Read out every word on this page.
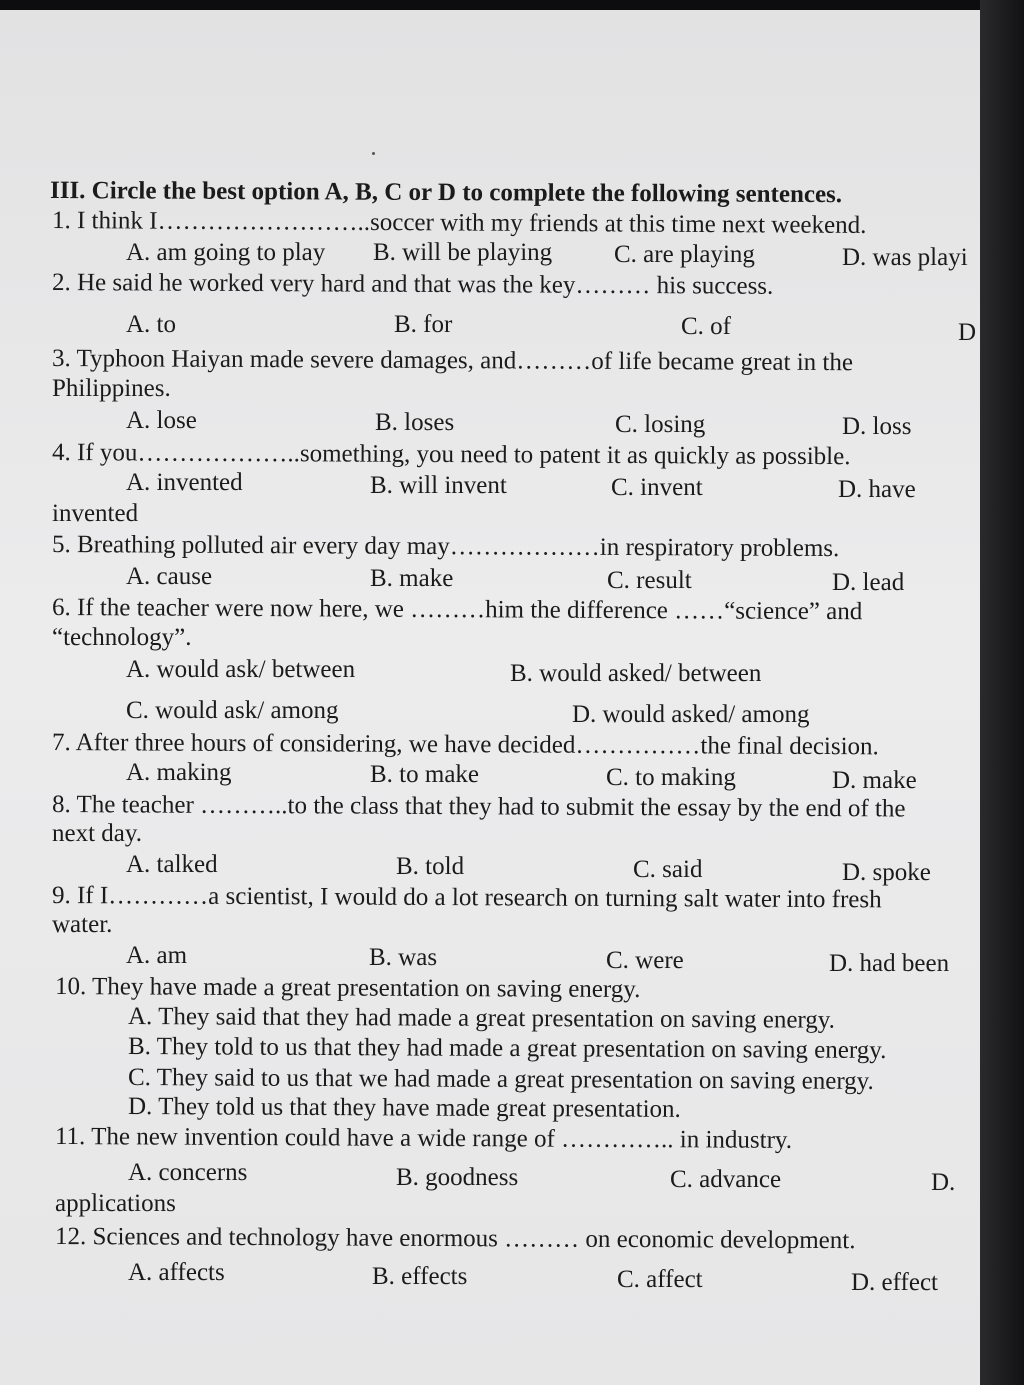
III. Circle the best option A, B, C or D to complete the following sentences.
1. I think I……………………..soccer with my friends at this time next weekend.
A. am going to play B. will be playing C. are playing	D. was playi
2. He said he worked very hard and that was the key……… his success.
A. to	B. for	C. of	D
3. Typhoon Haiyan made severe damages, and………of life became great in the
Philippines.
A. lose	B. loses	C. losing	D. loss
4. If you………………..something, you need to patent it as quickly as possible.
A. invented	B. will invent	C. invent	D. have
invented
5. Breathing polluted air every day may………………in respiratory problems.
A. cause	B. make	C. result	D. lead
6. If the teacher were now here, we ………him the difference ……“science” and
“technology”.
A. would ask/ between	B. would asked/ between
C. would ask/ among	D. would asked/ among
7. After three hours of considering, we have decided……………the final decision.
A. making	B. to make	C. to making	D. make
8. The teacher ………..to the class that they had to submit the essay by the end of the
next day.
A. talked	B. told	C. said	D. spoke
9. If I…………a scientist, I would do a lot research on turning salt water into fresh
water.
A. am	B. was	C. were	D. had been
10. They have made a great presentation on saving energy.
A. They said that they had made a great presentation on saving energy.
B. They told to us that they had made a great presentation on saving energy.
C. They said to us that we had made a great presentation on saving energy.
D. They told us that they have made great presentation.
11. The new invention could have a wide range of ………….. in industry.
A. concerns	B. goodness	C. advance	D.
applications
12. Sciences and technology have enormous ……… on economic development.
A. affects	B. effects	C. affect	D. effect
